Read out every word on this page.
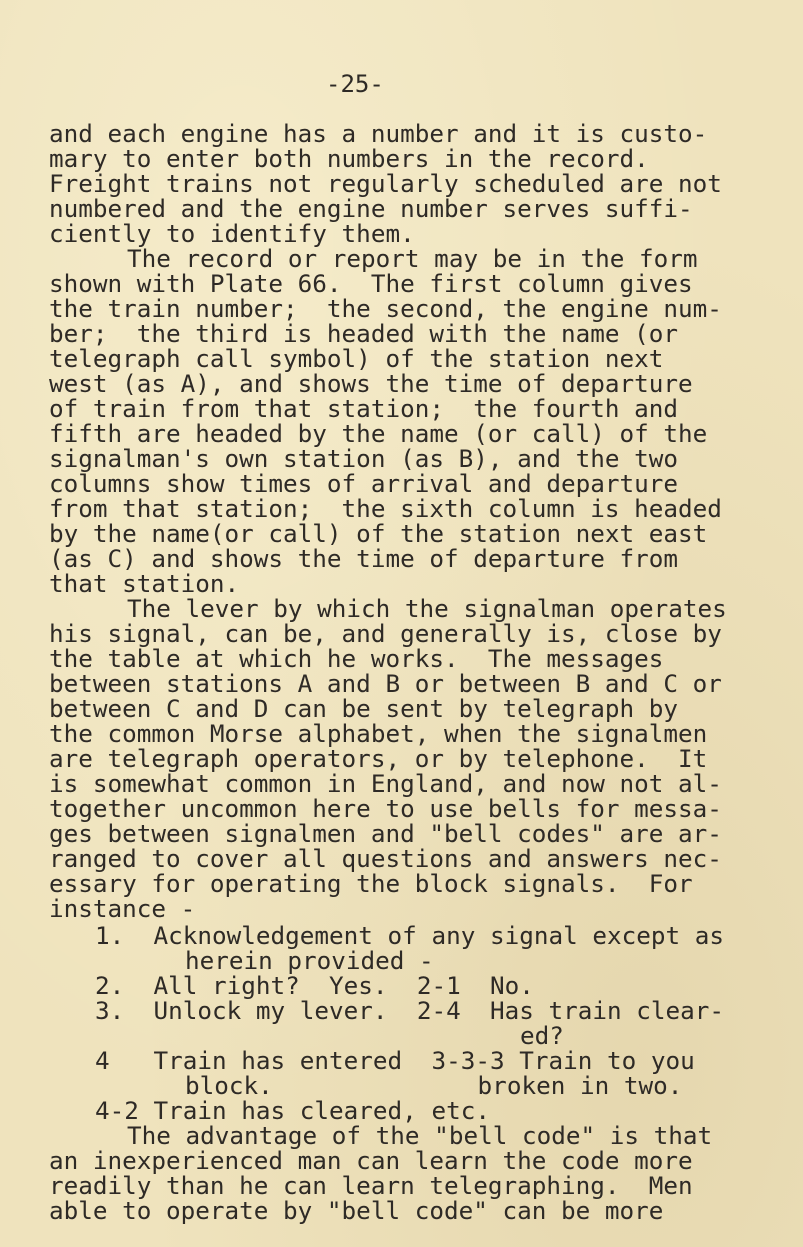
-25-
and each engine has a number and it is custo-
mary to enter both numbers in the record.
Freight trains not regularly scheduled are not
numbered and the engine number serves suffi-
ciently to identify them.
The record or report may be in the form
shown with Plate 66.  The first column gives
the train number;  the second, the engine num-
ber;  the third is headed with the name (or
telegraph call symbol) of the station next
west (as A), and shows the time of departure
of train from that station;  the fourth and
fifth are headed by the name (or call) of the
signalman's own station (as B), and the two
columns show times of arrival and departure
from that station;  the sixth column is headed
by the name(or call) of the station next east
(as C) and shows the time of departure from
that station.
The lever by which the signalman operates
his signal, can be, and generally is, close by
the table at which he works.  The messages
between stations A and B or between B and C or
between C and D can be sent by telegraph by
the common Morse alphabet, when the signalmen
are telegraph operators, or by telephone.  It
is somewhat common in England, and now not al-
together uncommon here to use bells for messa-
ges between signalmen and "bell codes" are ar-
ranged to cover all questions and answers nec-
essary for operating the block signals.  For
instance -
1.  Acknowledgement of any signal except as
herein provided -
2.  All right?  Yes.  2-1  No.
3.  Unlock my lever.  2-4  Has train clear-
ed?
4   Train has entered  3-3-3 Train to you
block.              broken in two.
4-2 Train has cleared, etc.
The advantage of the "bell code" is that
an inexperienced man can learn the code more
readily than he can learn telegraphing.  Men
able to operate by "bell code" can be more
